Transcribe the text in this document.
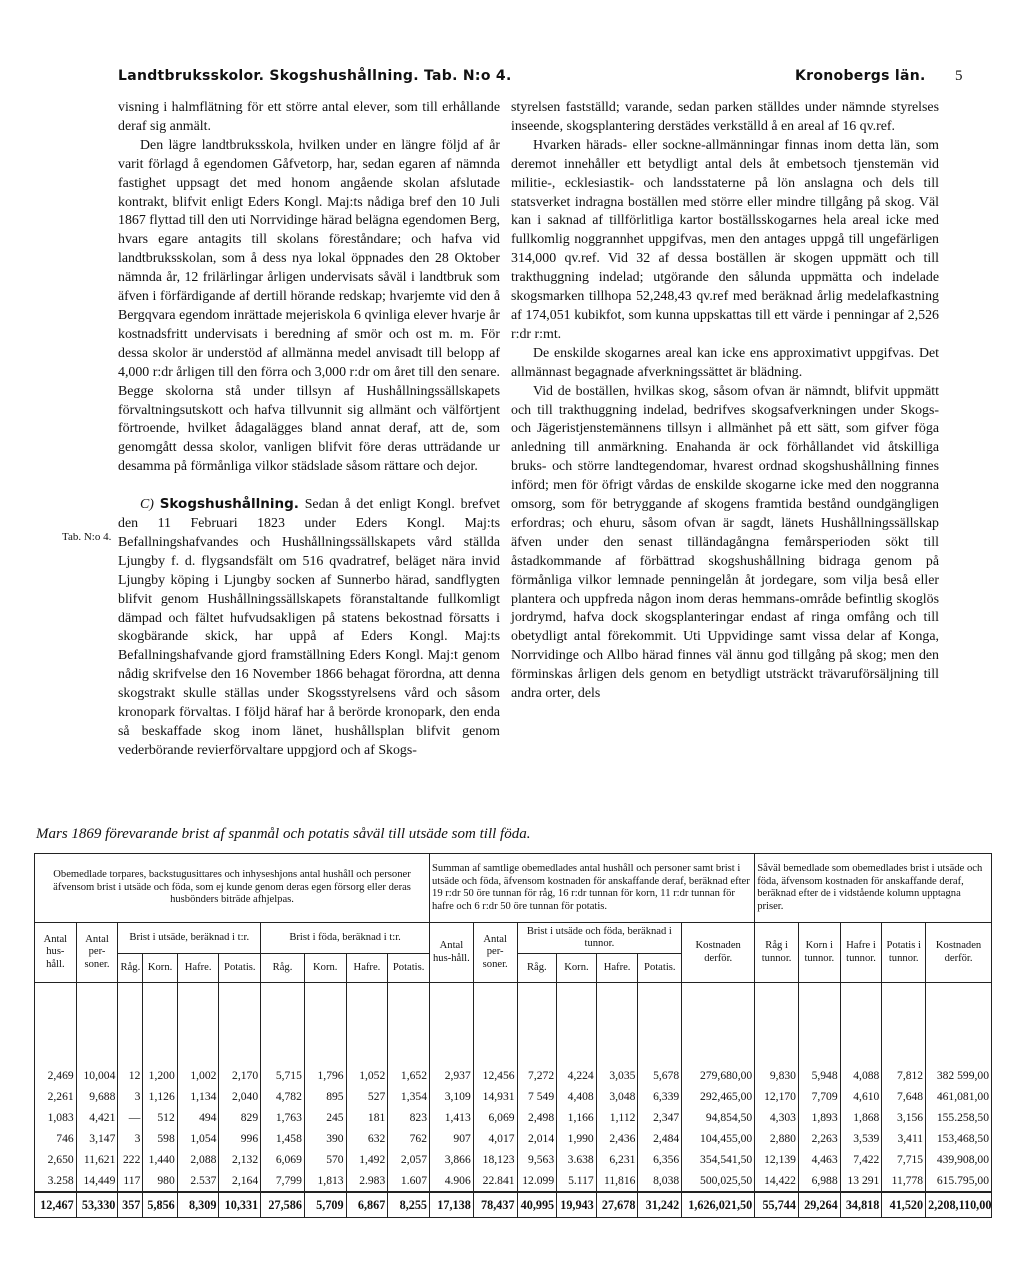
Landtbruksskolor. Skogshushållning. Tab. N:o 4.	Kronobergs län. 5

visning i halmflätning för ett större antal elever, som till erhållande deraf sig anmält.

Den lägre landtbruksskola, hvilken under en längre följd af år varit förlagd å egendomen Gåfvetorp, har, sedan egaren af nämnda fastighet uppsagt det med honom angående skolan afslutade kontrakt, blifvit enligt Eders Kongl. Maj:ts nådiga bref den 10 Juli 1867 flyttad till den uti Norrvidinge härad belägna egendomen Berg, hvars egare antagits till skolans föreståndare; och hafva vid landtbruksskolan, som å dess nya lokal öppnades den 28 Oktober nämnda år, 12 frilärlingar årligen undervisats såväl i landtbruk som äfven i förfärdigande af dertill hörande redskap; hvarjemte vid den å Bergqvara egendom inrättade mejeriskola 6 qvinliga elever hvarje år kostnadsfritt undervisats i beredning af smör och ost m. m. För dessa skolor är understöd af allmänna medel anvisadt till belopp af 4,000 r:dr årligen till den förra och 3,000 r:dr om året till den senare. Begge skolorna stå under tillsyn af Hushållningssällskapets förvaltningsutskott och hafva tillvunnit sig allmänt och välförtjent förtroende, hvilket ådagalägges bland annat deraf, att de, som genomgått dessa skolor, vanligen blifvit före deras utträdande ur desamma på förmånliga vilkor städslade såsom rättare och dejor.

C) Skogshushållning. Sedan å det enligt Kongl. brefvet den 11 Februari 1823 under Eders Kongl. Maj:ts Befallningshafvandes och Hushållningssällskapets vård ställda Ljungby f. d. flygsandsfält om 516 qvadratref, beläget nära invid Ljungby köping i Ljungby socken af Sunnerbo härad, sandflygten blifvit genom Hushållningssällskapets föranstaltande fullkomligt dämpad och fältet hufvudsakligen på statens bekostnad försatts i skogbärande skick, har uppå af Eders Kongl. Maj:ts Befallningshafvande gjord framställning Eders Kongl. Maj:t genom nådig skrifvelse den 16 November 1866 behagat förordna, att denna skogstrakt skulle ställas under Skogsstyrelsens vård och såsom kronopark förvaltas. I följd häraf har å berörde kronopark, den enda så beskaffade skog inom länet, hushållsplan blifvit genom vederbörande revierförvaltare uppgjord och af Skogs-

Tab. N:o 4.

styrelsen fastställd; varande, sedan parken ställdes under nämnde styrelses inseende, skogsplantering derstädes verkställd å en areal af 16 qv.ref.

Hvarken härads- eller sockne-allmänningar finnas inom detta län, som deremot innehåller ett betydligt antal dels åt embetsoch tjenstemän vid militie-, ecklesiastik- och landsstaterne på lön anslagna och dels till statsverket indragna boställen med större eller mindre tillgång på skog. Väl kan i saknad af tillförlitliga kartor boställsskogarnes hela areal icke med fullkomlig noggrannhet uppgifvas, men den antages uppgå till ungefärligen 314,000 qv.ref. Vid 32 af dessa boställen är skogen uppmätt och till trakthuggning indelad; utgörande den sålunda uppmätta och indelade skogsmarken tillhopa 52,248,43 qv.ref med beräknad årlig medelafkastning af 174,051 kubikfot, som kunna uppskattas till ett värde i penningar af 2,526 r:dr r:mt.

De enskilde skogarnes areal kan icke ens approximativt uppgifvas. Det allmännast begagnade afverkningssättet är blädning.

Vid de boställen, hvilkas skog, såsom ofvan är nämndt, blifvit uppmätt och till trakthuggning indelad, bedrifves skogsafverkningen under Skogs- och Jägeristjenstemännens tillsyn i allmänhet på ett sätt, som gifver föga anledning till anmärkning. Enahanda är ock förhållandet vid åtskilliga bruks- och större landtegendomar, hvarest ordnad skogshushållning finnes införd; men för öfrigt vårdas de enskilde skogarne icke med den noggranna omsorg, som för betryggande af skogens framtida bestånd oundgängligen erfordras; och ehuru, såsom ofvan är sagdt, länets Hushållningssällskap äfven under den senast tilländagångna femårsperioden sökt till åstadkommande af förbättrad skogshushållning bidraga genom på förmånliga vilkor lemnade penningelån åt jordegare, som vilja beså eller plantera och uppfreda någon inom deras hemmans-område befintlig skoglös jordrymd, hafva dock skogsplanteringar endast af ringa omfång och till obetydligt antal förekommit. Uti Uppvidinge samt vissa delar af Konga, Norrvidinge och Allbo härad finnes väl ännu god tillgång på skog; men den förminskas årligen dels genom en betydligt utsträckt trävaruförsäljning till andra orter, dels

Mars 1869 förevarande brist af spanmål och potatis såväl till utsäde som till föda.
Obemedlade torpares, backstugusittares och inhyseshjons antal hushåll och personer äfvensom brist i utsäde och föda, som ej kunde genom deras egen försorg eller deras husbönders biträde afhjelpas.										Summan af samtlige obemedlades antal hushåll och personer samt brist i utsäde och föda, äfvensom kostnaden för anskaffande deraf, beräknad efter 19 r:dr 50 öre tunnan för råg, 16 r:dr tunnan för korn, 11 r:dr tunnan för hafre och 6 r:dr 50 öre tunnan för potatis.							Såväl bemedlade som obemedlades brist i utsäde och föda, äfvensom kostnaden för anskaffande deraf, beräknad efter de i vidstående kolumn upptagna priser.				
Antal hus-håll.	Antal per-soner.	Brist i utsäde, beräknad i t:r.				Brist i föda, beräknad i t:r.				Antal hus-håll.	Antal per-soner.	Brist i utsäde och föda, beräknad i tunnor.				Kostnaden derför.	Råg i tunnor.	Korn i tunnor.	Hafre i tunnor.	Potatis i tunnor.	Kostnaden derför.
		Råg.	Korn.	Hafre.	Potatis.	Råg.	Korn.	Hafre.	Potatis.			Råg.	Korn.	Hafre.	Potatis.						

2,469	10,004	12	1,200	1,002	2,170	5,715	1,796	1,052	1,652	2,937	12,456	7,272	4,224	3,035	5,678	279,680,00	9,830	5,948	4,088	7,812	382 599,00
2,261	9,688	3	1,126	1,134	2,040	4,782	895	527	1,354	3,109	14,931	7 549	4,408	3,048	6,339	292,465,00	12,170	7,709	4,610	7,648	461,081,00
1,083	4,421	—	512	494	829	1,763	245	181	823	1,413	6,069	2,498	1,166	1,112	2,347	94,854,50	4,303	1,893	1,868	3,156	155.258,50
746	3,147	3	598	1,054	996	1,458	390	632	762	907	4,017	2,014	1,990	2,436	2,484	104,455,00	2,880	2,263	3,539	3,411	153,468,50
2,650	11,621	222	1,440	2,088	2,132	6,069	570	1,492	2,057	3,866	18,123	9,563	3.638	6,231	6,356	354,541,50	12,139	4,463	7,422	7,715	439,908,00
3.258	14,449	117	980	2.537	2,164	7,799	1,813	2.983	1.607	4.906	22.841	12.099	5.117	11,816	8,038	500,025,50	14,422	6,988	13 291	11,778	615.795,00
12,467	53,330	357	5,856	8,309	10,331	27,586	5,709	6,867	8,255	17,138	78,437	40,995	19,943	27,678	31,242	1,626,021,50	55,744	29,264	34,818	41,520	2,208,110,00
